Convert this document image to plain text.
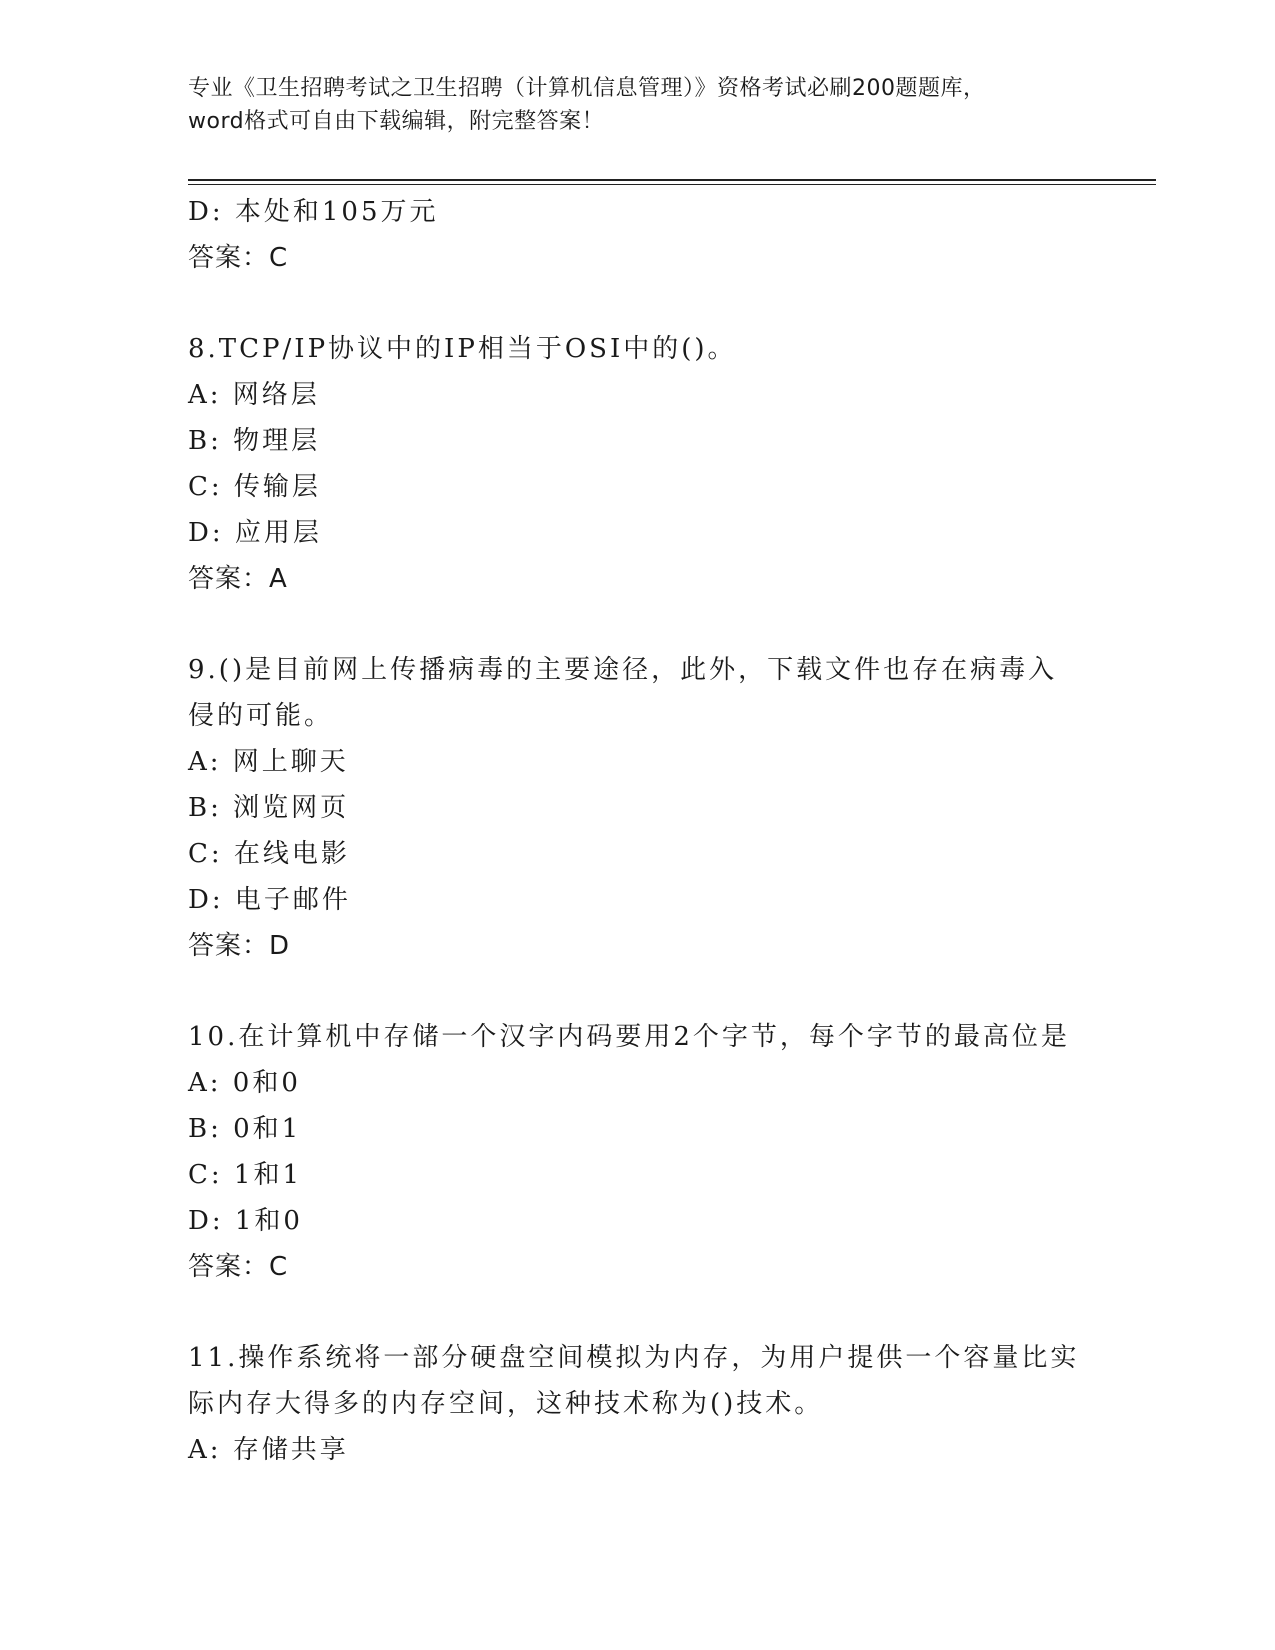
专业《卫生招聘考试之卫生招聘（计算机信息管理）》资格考试必刷200题题库，
word格式可自由下载编辑，附完整答案！
D: 本处和105万元
答案：C
8.TCP/IP协议中的IP相当于OSI中的()。
A: 网络层
B: 物理层
C: 传输层
D: 应用层
答案：A
9.()是目前网上传播病毒的主要途径，此外，下载文件也存在病毒入
侵的可能。
A: 网上聊天
B: 浏览网页
C: 在线电影
D: 电子邮件
答案：D
10.在计算机中存储一个汉字内码要用2个字节，每个字节的最高位是
A: 0和0
B: 0和1
C: 1和1
D: 1和0
答案：C
11.操作系统将一部分硬盘空间模拟为内存，为用户提供一个容量比实
际内存大得多的内存空间，这种技术称为()技术。
A: 存储共享
